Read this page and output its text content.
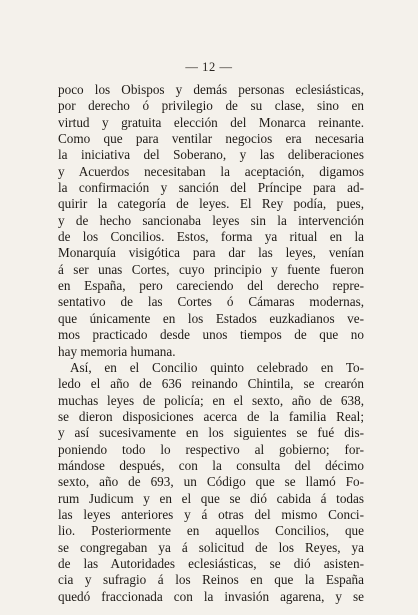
— 12 —
poco los Obispos y demás personas eclesiásticas,
por derecho ó privilegio de su clase, sino en
virtud y gratuita elección del Monarca reinante.
Como que para ventilar negocios era necesaria
la iniciativa del Soberano, y las deliberaciones
y Acuerdos necesitaban la aceptación, digamos
la confirmación y sanción del Príncipe para ad-
quirir la categoría de leyes. El Rey podía, pues,
y de hecho sancionaba leyes sin la intervención
de los Concilios. Estos, forma ya ritual en la
Monarquía visigótica para dar las leyes, venían
á ser unas Cortes, cuyo principio y fuente fueron
en España, pero careciendo del derecho repre-
sentativo de las Cortes ó Cámaras modernas,
que únicamente en los Estados euzkadianos ve-
mos practicado desde unos tiempos de que no
hay memoria humana.
Así, en el Concilio quinto celebrado en To-
ledo el año de 636 reinando Chintila, se crearón
muchas leyes de policía; en el sexto, año de 638,
se dieron disposiciones acerca de la familia Real;
y así sucesivamente en los siguientes se fué dis-
poniendo todo lo respectivo al gobierno; for-
mándose después, con la consulta del décimo
sexto, año de 693, un Código que se llamó Fo-
rum Judicum y en el que se dió cabida á todas
las leyes anteriores y á otras del mismo Conci-
lio. Posteriormente en aquellos Concilios, que
se congregaban ya á solicitud de los Reyes, ya
de las Autoridades eclesiásticas, se dió asisten-
cia y sufragio á los Reinos en que la España
quedó fraccionada con la invasión agarena, y se
